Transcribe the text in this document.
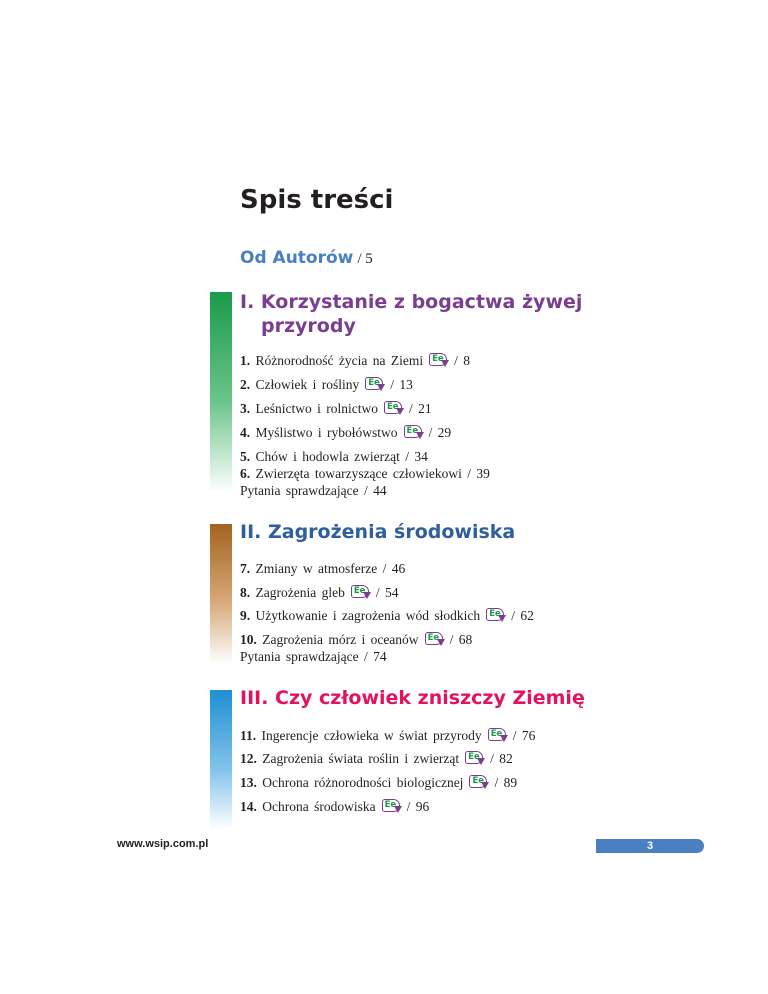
Spis treści
Od Autorów / 5
I. Korzystanie z bogactwa żywej
przyrody
1. Różnorodność życia na Ziemi Ee / 8
2. Człowiek i rośliny Ee / 13
3. Leśnictwo i rolnictwo Ee / 21
4. Myślistwo i rybołówstwo Ee / 29
5. Chów i hodowla zwierząt / 34
6. Zwierzęta towarzyszące człowiekowi / 39
Pytania sprawdzające / 44
II. Zagrożenia środowiska
7. Zmiany w atmosferze / 46
8. Zagrożenia gleb Ee / 54
9. Użytkowanie i zagrożenia wód słodkich Ee / 62
10. Zagrożenia mórz i oceanów Ee / 68
Pytania sprawdzające / 74
III. Czy człowiek zniszczy Ziemię
11. Ingerencje człowieka w świat przyrody Ee / 76
12. Zagrożenia świata roślin i zwierząt Ee / 82
13. Ochrona różnorodności biologicznej Ee / 89
14. Ochrona środowiska Ee / 96
www.wsip.com.pl	3
